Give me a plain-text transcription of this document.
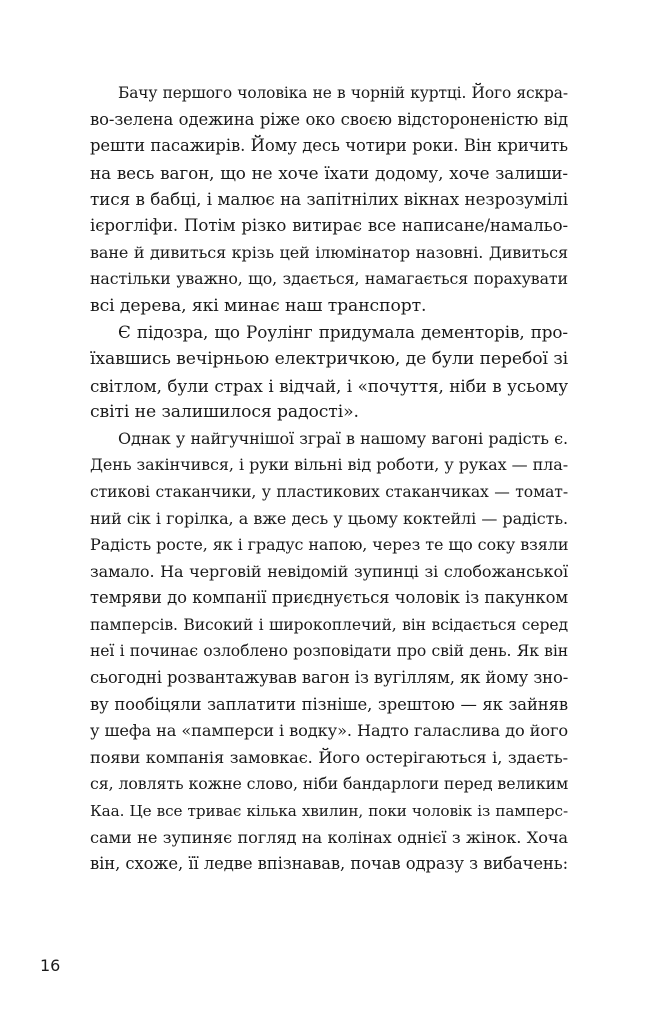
Бачу першого чоловіка не в чорній куртці. Його яскра-
во-зелена одежина ріже око своєю відстороненістю від
решти пасажирів. Йому десь чотири роки. Він кричить
на весь вагон, що не хоче їхати додому, хоче залиши-
тися в бабці, і малює на запітнілих вікнах незрозумілі
ієрогліфи. Потім різко витирає все написане/намальо-
ване й дивиться крізь цей ілюмінатор назовні. Дивиться
настільки уважно, що, здається, намагається порахувати
всі дерева, які минає наш транспорт.
Є підозра, що Роулінг придумала дементорів, про-
їхавшись вечірньою електричкою, де були перебої зі
світлом, були страх і відчай, і «почуття, ніби в усьому
світі не залишилося радості».
Однак у найгучнішої зграї в нашому вагоні радість є.
День закінчився, і руки вільні від роботи, у руках — пла-
стикові стаканчики, у пластикових стаканчиках — томат-
ний сік і горілка, а вже десь у цьому коктейлі — радість.
Радість росте, як і градус напою, через те що соку взяли
замало. На черговій невідомій зупинці зі слобожанської
темряви до компанії приєднується чоловік із пакунком
памперсів. Високий і широкоплечий, він всідається серед
неї і починає озлоблено розповідати про свій день. Як він
сьогодні розвантажував вагон із вугіллям, як йому зно-
ву пообіцяли заплатити пізніше, зрештою — як зайняв
у шефа на «памперси і водку». Надто галаслива до його
появи компанія замовкає. Його остерігаються і, здаєть-
ся, ловлять кожне слово, ніби бандарлоги перед великим
Каа. Це все триває кілька хвилин, поки чоловік із памперс-
сами не зупиняє погляд на колінах однієї з жінок. Хоча
він, схоже, її ледве впізнавав, почав одразу з вибачень:
16
